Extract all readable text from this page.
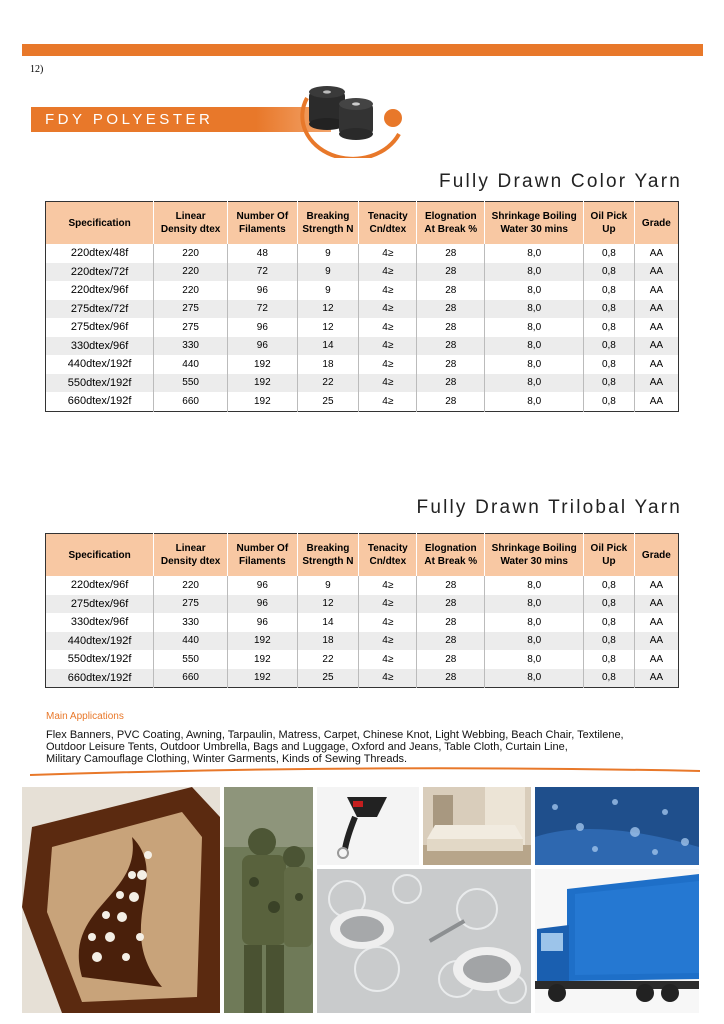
12)
FDY POLYESTER
Fully Drawn Color Yarn
Specification	Linear Density dtex	Number Of Filaments	Breaking Strength N	Tenacity Cn/dtex	Elognation At Break %	Shrinkage Boiling Water 30 mins	Oil Pick Up	Grade
220dtex/48f	220	48	9	4≥	28	8,0	0,8	AA
220dtex/72f	220	72	9	4≥	28	8,0	0,8	AA
220dtex/96f	220	96	9	4≥	28	8,0	0,8	AA
275dtex/72f	275	72	12	4≥	28	8,0	0,8	AA
275dtex/96f	275	96	12	4≥	28	8,0	0,8	AA
330dtex/96f	330	96	14	4≥	28	8,0	0,8	AA
440dtex/192f	440	192	18	4≥	28	8,0	0,8	AA
550dtex/192f	550	192	22	4≥	28	8,0	0,8	AA
660dtex/192f	660	192	25	4≥	28	8,0	0,8	AA
Fully Drawn Trilobal Yarn
Specification	Linear Density dtex	Number Of Filaments	Breaking Strength N	Tenacity Cn/dtex	Elognation At Break %	Shrinkage Boiling Water 30 mins	Oil Pick Up	Grade
220dtex/96f	220	96	9	4≥	28	8,0	0,8	AA
275dtex/96f	275	96	12	4≥	28	8,0	0,8	AA
330dtex/96f	330	96	14	4≥	28	8,0	0,8	AA
440dtex/192f	440	192	18	4≥	28	8,0	0,8	AA
550dtex/192f	550	192	22	4≥	28	8,0	0,8	AA
660dtex/192f	660	192	25	4≥	28	8,0	0,8	AA
Main Applications
Flex Banners, PVC Coating, Awning, Tarpaulin, Matress, Carpet, Chinese Knot, Light Webbing, Beach Chair, Textilene,
Outdoor Leisure Tents, Outdoor Umbrella, Bags and Luggage, Oxford and Jeans, Table Cloth, Curtain Line,
Military Camouflage Clothing, Winter Garments, Kinds of Sewing Threads.
